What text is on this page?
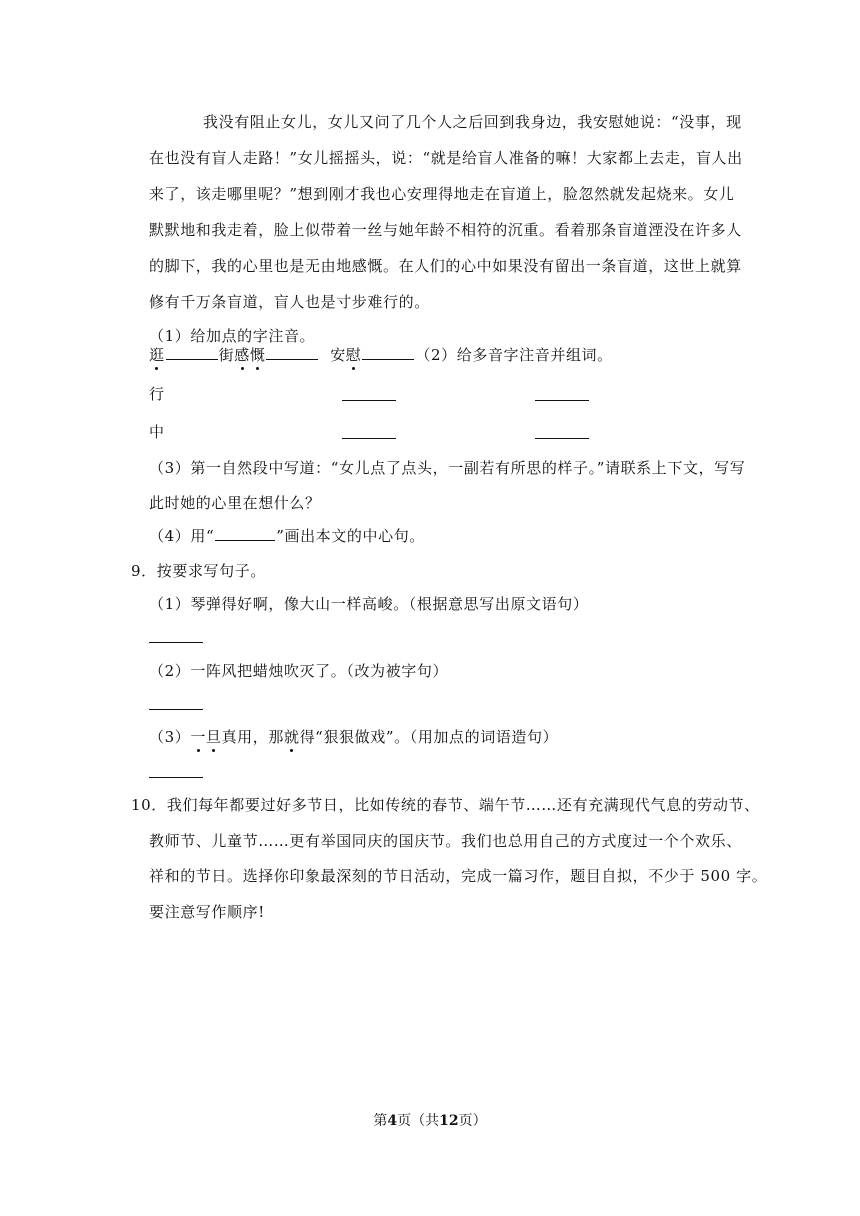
我没有阻止女儿，女儿又问了几个人之后回到我身边，我安慰她说：“没事，现
在也没有盲人走路！”女儿摇摇头，说：“就是给盲人准备的嘛！大家都上去走，盲人出
来了，该走哪里呢？”想到刚才我也心安理得地走在盲道上，脸忽然就发起烧来。女儿
默默地和我走着，脸上似带着一丝与她年龄不相符的沉重。看着那条盲道湮没在许多人
的脚下，我的心里也是无由地感慨。在人们的心中如果没有留出一条盲道，这世上就算
修有千万条盲道，盲人也是寸步难行的。
（1）给加点的字注音。
逛	街感慨	安慰	（2）给多音字注音并组词。
行
中
（3）第一自然段中写道：“女儿点了点头，一副若有所思的样子。”请联系上下文，写写
此时她的心里在想什么？
（4）用“	”画出本文的中心句。
9．按要求写句子。
（1）琴弹得好啊，像大山一样高峻。（根据意思写出原文语句）
（2）一阵风把蜡烛吹灭了。（改为被字句）
（3）一旦真用，那就得“狠狠做戏”。（用加点的词语造句）
10．我们每年都要过好多节日，比如传统的春节、端午节……还有充满现代气息的劳动节、
教师节、儿童节……更有举国同庆的国庆节。我们也总用自己的方式度过一个个欢乐、
祥和的节日。选择你印象最深刻的节日活动，完成一篇习作，题目自拟，不少于 500 字。
要注意写作顺序!
第4页（共12页）
